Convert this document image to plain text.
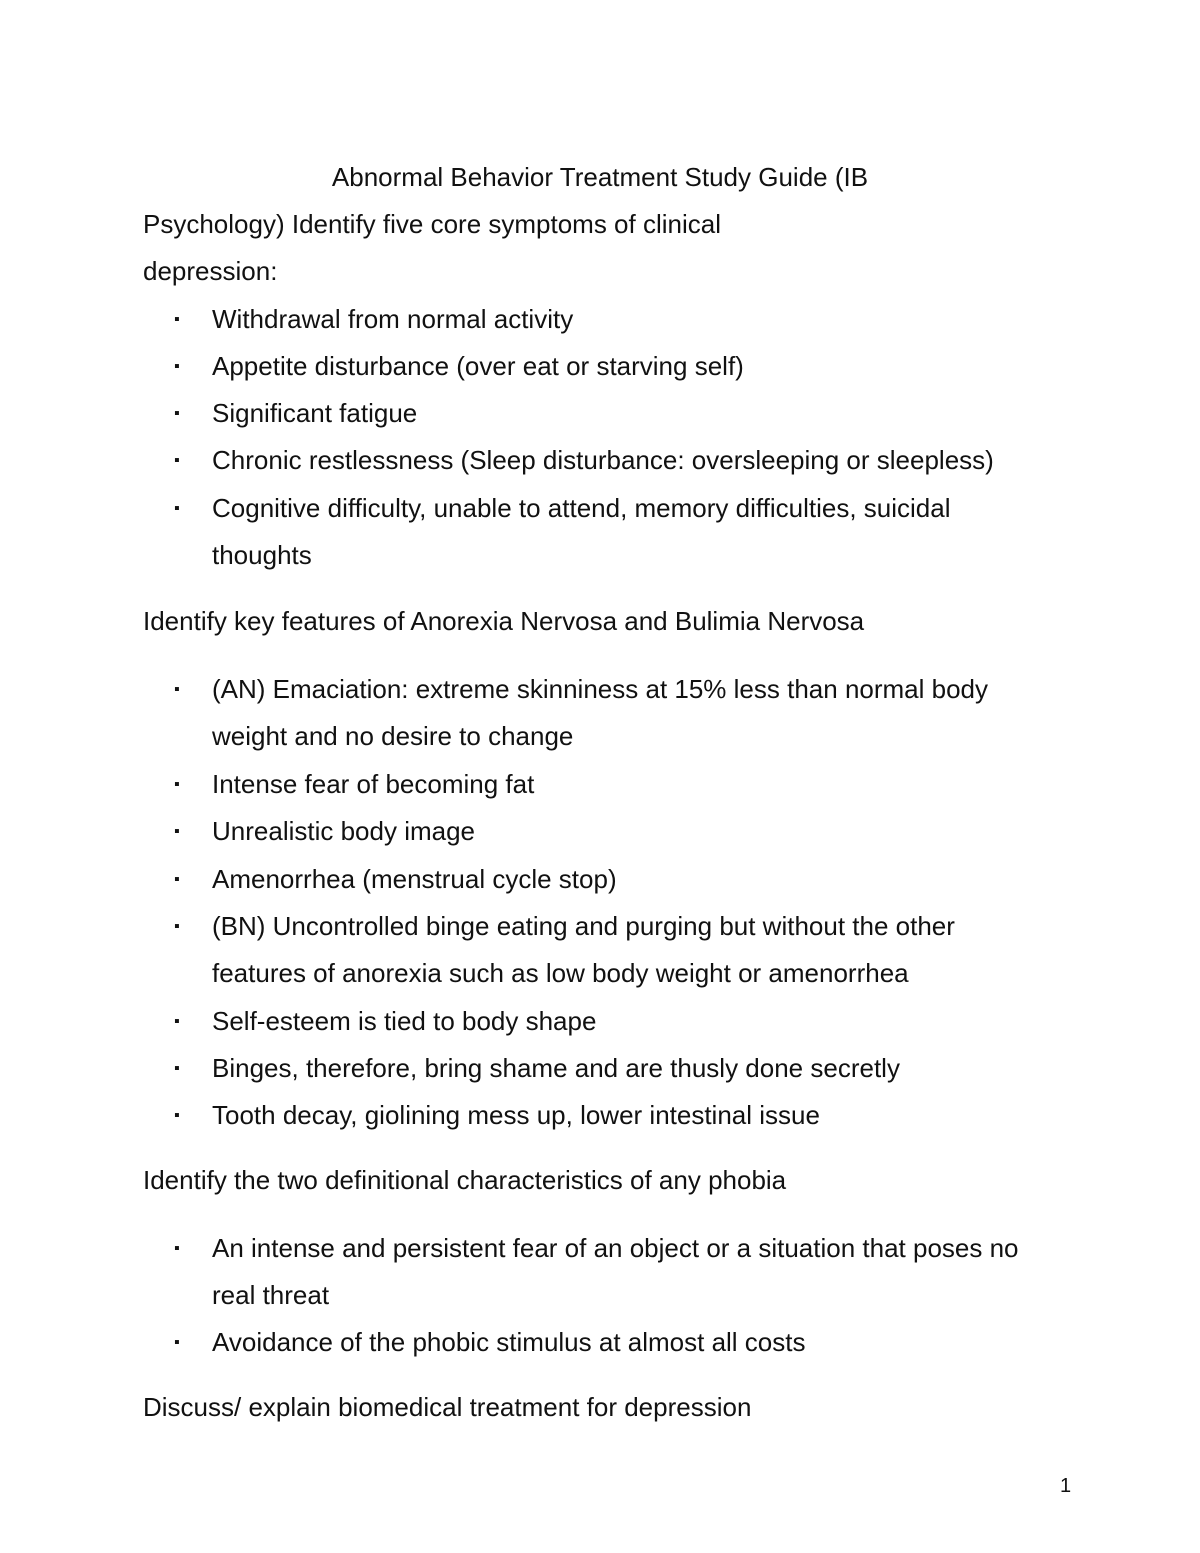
Abnormal Behavior Treatment Study Guide (IB
Psychology) Identify five core symptoms of clinical
depression:
▪ Withdrawal from normal activity
▪ Appetite disturbance (over eat or starving self)
▪ Significant fatigue
▪ Chronic restlessness (Sleep disturbance: oversleeping or sleepless)
▪ Cognitive difficulty, unable to attend, memory difficulties, suicidal
thoughts
Identify key features of Anorexia Nervosa and Bulimia Nervosa
▪ (AN) Emaciation: extreme skinniness at 15% less than normal body
weight and no desire to change
▪ Intense fear of becoming fat
▪ Unrealistic body image
▪ Amenorrhea (menstrual cycle stop)
▪ (BN) Uncontrolled binge eating and purging but without the other
features of anorexia such as low body weight or amenorrhea
▪ Self-esteem is tied to body shape
▪ Binges, therefore, bring shame and are thusly done secretly
▪ Tooth decay, giolining mess up, lower intestinal issue
Identify the two definitional characteristics of any phobia
▪ An intense and persistent fear of an object or a situation that poses no
real threat
▪ Avoidance of the phobic stimulus at almost all costs
Discuss/ explain biomedical treatment for depression
1
